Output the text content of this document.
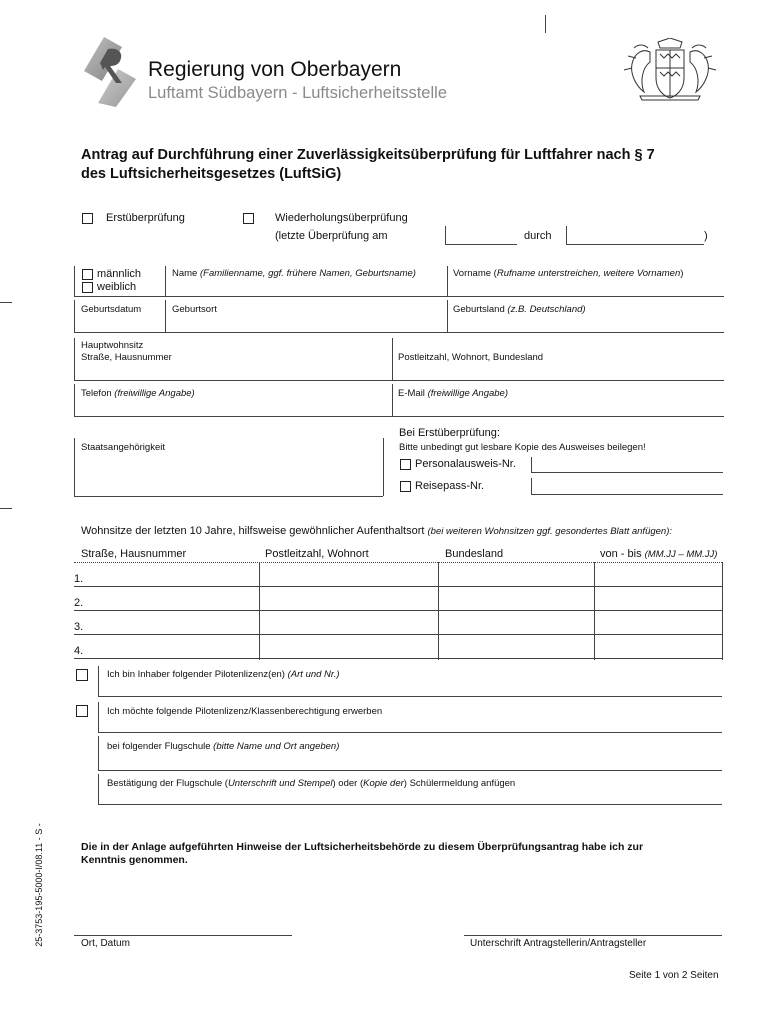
Regierung von Oberbayern
Luftamt Südbayern - Luftsicherheitsstelle
Antrag auf Durchführung einer Zuverlässigkeitsüberprüfung für Luftfahrer nach § 7
des Luftsicherheitsgesetzes (LuftSiG)
Erstüberprüfung	Wiederholungsüberprüfung
(letzte Überprüfung am	durch	)
männlich
weiblich
Name (Familienname, ggf. frühere Namen, Geburtsname)	Vorname (Rufname unterstreichen, weitere Vornamen)
Geburtsdatum	Geburtsort	Geburtsland (z.B. Deutschland)
Hauptwohnsitz
Straße, Hausnummer	Postleitzahl, Wohnort, Bundesland
Telefon (freiwillige Angabe)	E-Mail (freiwillige Angabe)
Staatsangehörigkeit
Bei Erstüberprüfung:
Bitte unbedingt gut lesbare Kopie des Ausweises beilegen!
Personalausweis-Nr.
Reisepass-Nr.
Wohnsitze der letzten 10 Jahre, hilfsweise gewöhnlicher Aufenthaltsort (bei weiteren Wohnsitzen ggf. gesondertes Blatt anfügen):
Straße, Hausnummer	Postleitzahl, Wohnort	Bundesland	von - bis (MM.JJ – MM.JJ)
1.
2.
3.
4.
Ich bin Inhaber folgender Pilotenlizenz(en) (Art und Nr.)
Ich möchte folgende Pilotenlizenz/Klassenberechtigung erwerben
bei folgender Flugschule (bitte Name und Ort angeben)
Bestätigung der Flugschule (Unterschrift und Stempel) oder (Kopie der) Schülermeldung anfügen
Die in der Anlage aufgeführten Hinweise der Luftsicherheitsbehörde zu diesem Überprüfungsantrag habe ich zur
Kenntnis genommen.
25-3753-195-5000-I/08.11 - S -	Ort, Datum	Unterschrift Antragstellerin/Antragsteller
Seite 1 von 2 Seiten
